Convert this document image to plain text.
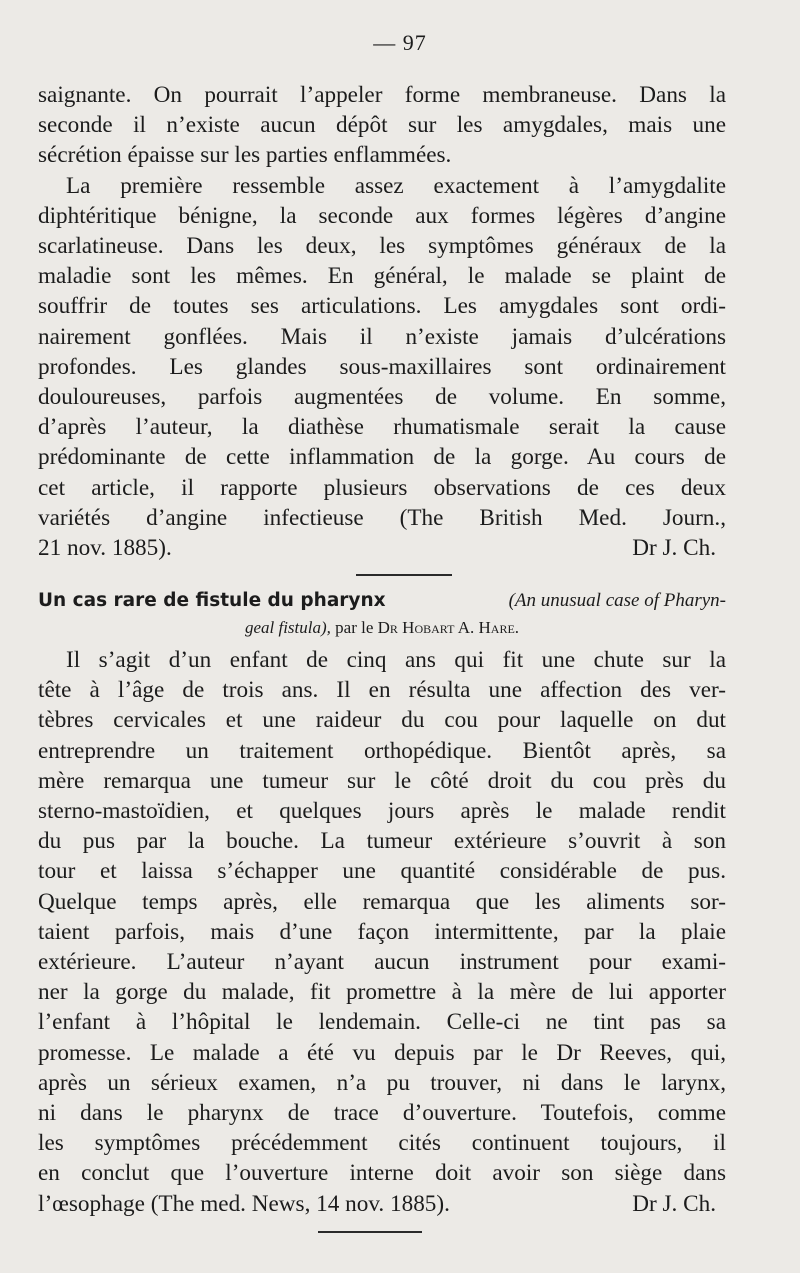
— 97
saignante. On pourrait l’appeler forme membraneuse. Dans la
seconde il n’existe aucun dépôt sur les amygdales, mais une
sécrétion épaisse sur les parties enflammées.
La première ressemble assez exactement à l’amygdalite
diphtéritique bénigne, la seconde aux formes légères d’angine
scarlatineuse. Dans les deux, les symptômes généraux de la
maladie sont les mêmes. En général, le malade se plaint de
souffrir de toutes ses articulations. Les amygdales sont ordi-
nairement gonflées. Mais il n’existe jamais d’ulcérations
profondes. Les glandes sous-maxillaires sont ordinairement
douloureuses, parfois augmentées de volume. En somme,
d’après l’auteur, la diathèse rhumatismale serait la cause
prédominante de cette inflammation de la gorge. Au cours de
cet article, il rapporte plusieurs observations de ces deux
variétés d’angine infectieuse (The British Med. Journ.,
21 nov. 1885).	Dr J. Ch.
Un cas rare de fistule du pharynx	(An unusual case of Pharyn-
geal fistula), par le Dr Hobart A. Hare.
Il s’agit d’un enfant de cinq ans qui fit une chute sur la
tête à l’âge de trois ans. Il en résulta une affection des ver-
tèbres cervicales et une raideur du cou pour laquelle on dut
entreprendre un traitement orthopédique. Bientôt après, sa
mère remarqua une tumeur sur le côté droit du cou près du
sterno-mastoïdien, et quelques jours après le malade rendit
du pus par la bouche. La tumeur extérieure s’ouvrit à son
tour et laissa s’échapper une quantité considérable de pus.
Quelque temps après, elle remarqua que les aliments sor-
taient parfois, mais d’une façon intermittente, par la plaie
extérieure. L’auteur n’ayant aucun instrument pour exami-
ner la gorge du malade, fit promettre à la mère de lui apporter
l’enfant à l’hôpital le lendemain. Celle-ci ne tint pas sa
promesse. Le malade a été vu depuis par le Dr Reeves, qui,
après un sérieux examen, n’a pu trouver, ni dans le larynx,
ni dans le pharynx de trace d’ouverture. Toutefois, comme
les symptômes précédemment cités continuent toujours, il
en conclut que l’ouverture interne doit avoir son siège dans
l’œsophage (The med. News, 14 nov. 1885).	Dr J. Ch.
